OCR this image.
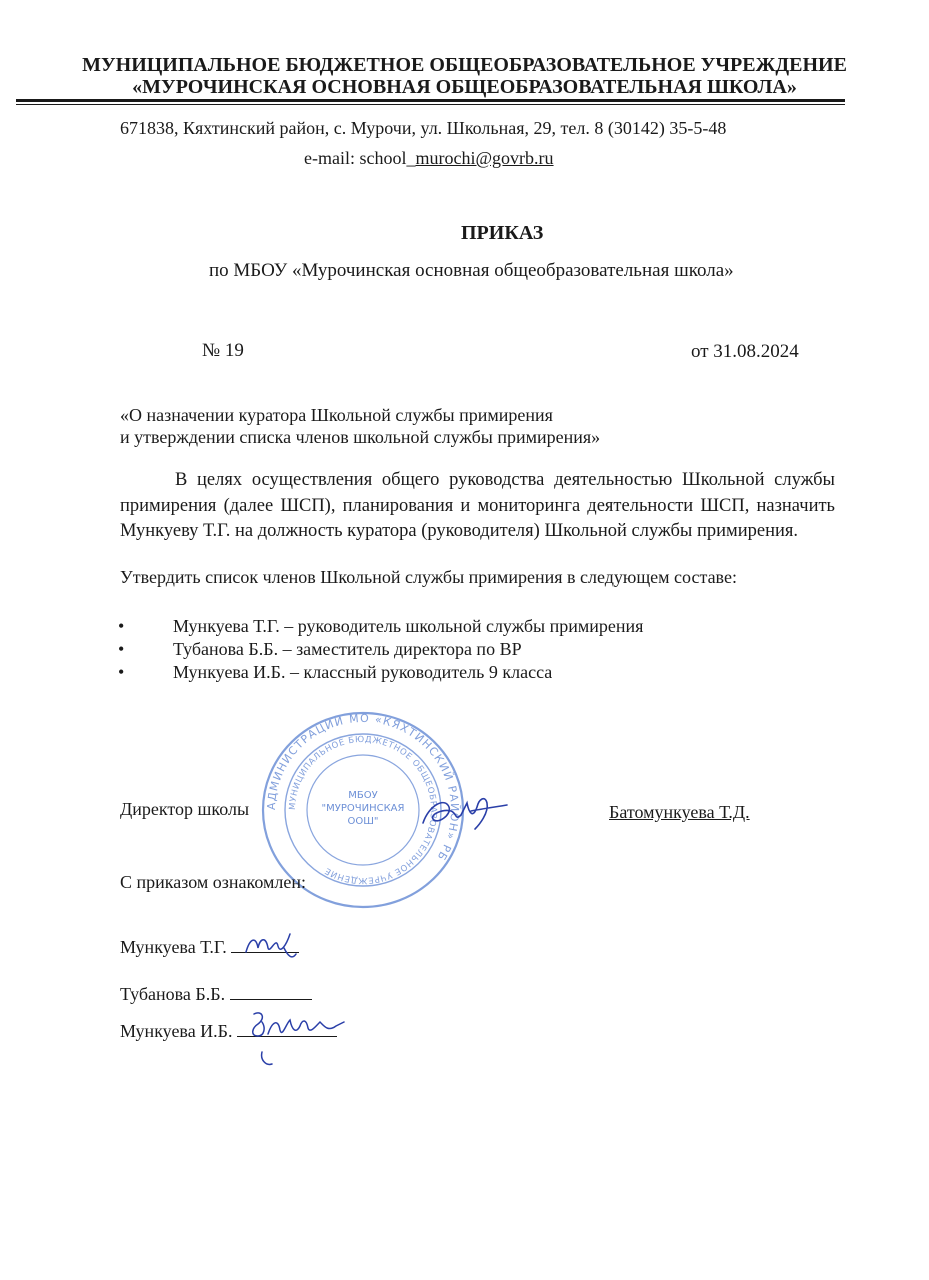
МУНИЦИПАЛЬНОЕ БЮДЖЕТНОЕ ОБЩЕОБРАЗОВАТЕЛЬНОЕ УЧРЕЖДЕНИЕ
«МУРОЧИНСКАЯ ОСНОВНАЯ ОБЩЕОБРАЗОВАТЕЛЬНАЯ ШКОЛА»
671838, Кяхтинский район, с. Мурочи, ул. Школьная, 29, тел. 8 (30142) 35-5-48
e-mail: school_murochi@govrb.ru
ПРИКАЗ
по МБОУ «Мурочинская основная общеобразовательная школа»
№ 19	от 31.08.2024
«О назначении куратора Школьной службы примирения
и утверждении списка членов школьной службы примирения»
В целях осуществления общего руководства деятельностью Школьной службы примирения (далее ШСП), планирования и мониторинга деятельности ШСП, назначить Мункуеву Т.Г. на должность куратора (руководителя) Школьной службы примирения.
Утвердить список членов Школьной службы примирения в следующем составе:
•	Мункуева Т.Г. – руководитель школьной службы примирения
•	Тубанова Б.Б. – заместитель директора по ВР
•	Мункуева И.Б. – классный руководитель 9 класса
АДМИНИСТРАЦИИ МО «КЯХТИНСКИЙ РАЙОН» РБ
МУНИЦИПАЛЬНОЕ БЮДЖЕТНОЕ ОБЩЕОБРАЗОВАТЕЛЬНОЕ УЧРЕЖДЕНИЕ
МБОУ
"МУРОЧИНСКАЯ
ООШ"
Директор школы	Батомункуева Т.Д.
С приказом ознакомлен:
Мункуева Т.Г.
Тубанова Б.Б.
Мункуева И.Б.
